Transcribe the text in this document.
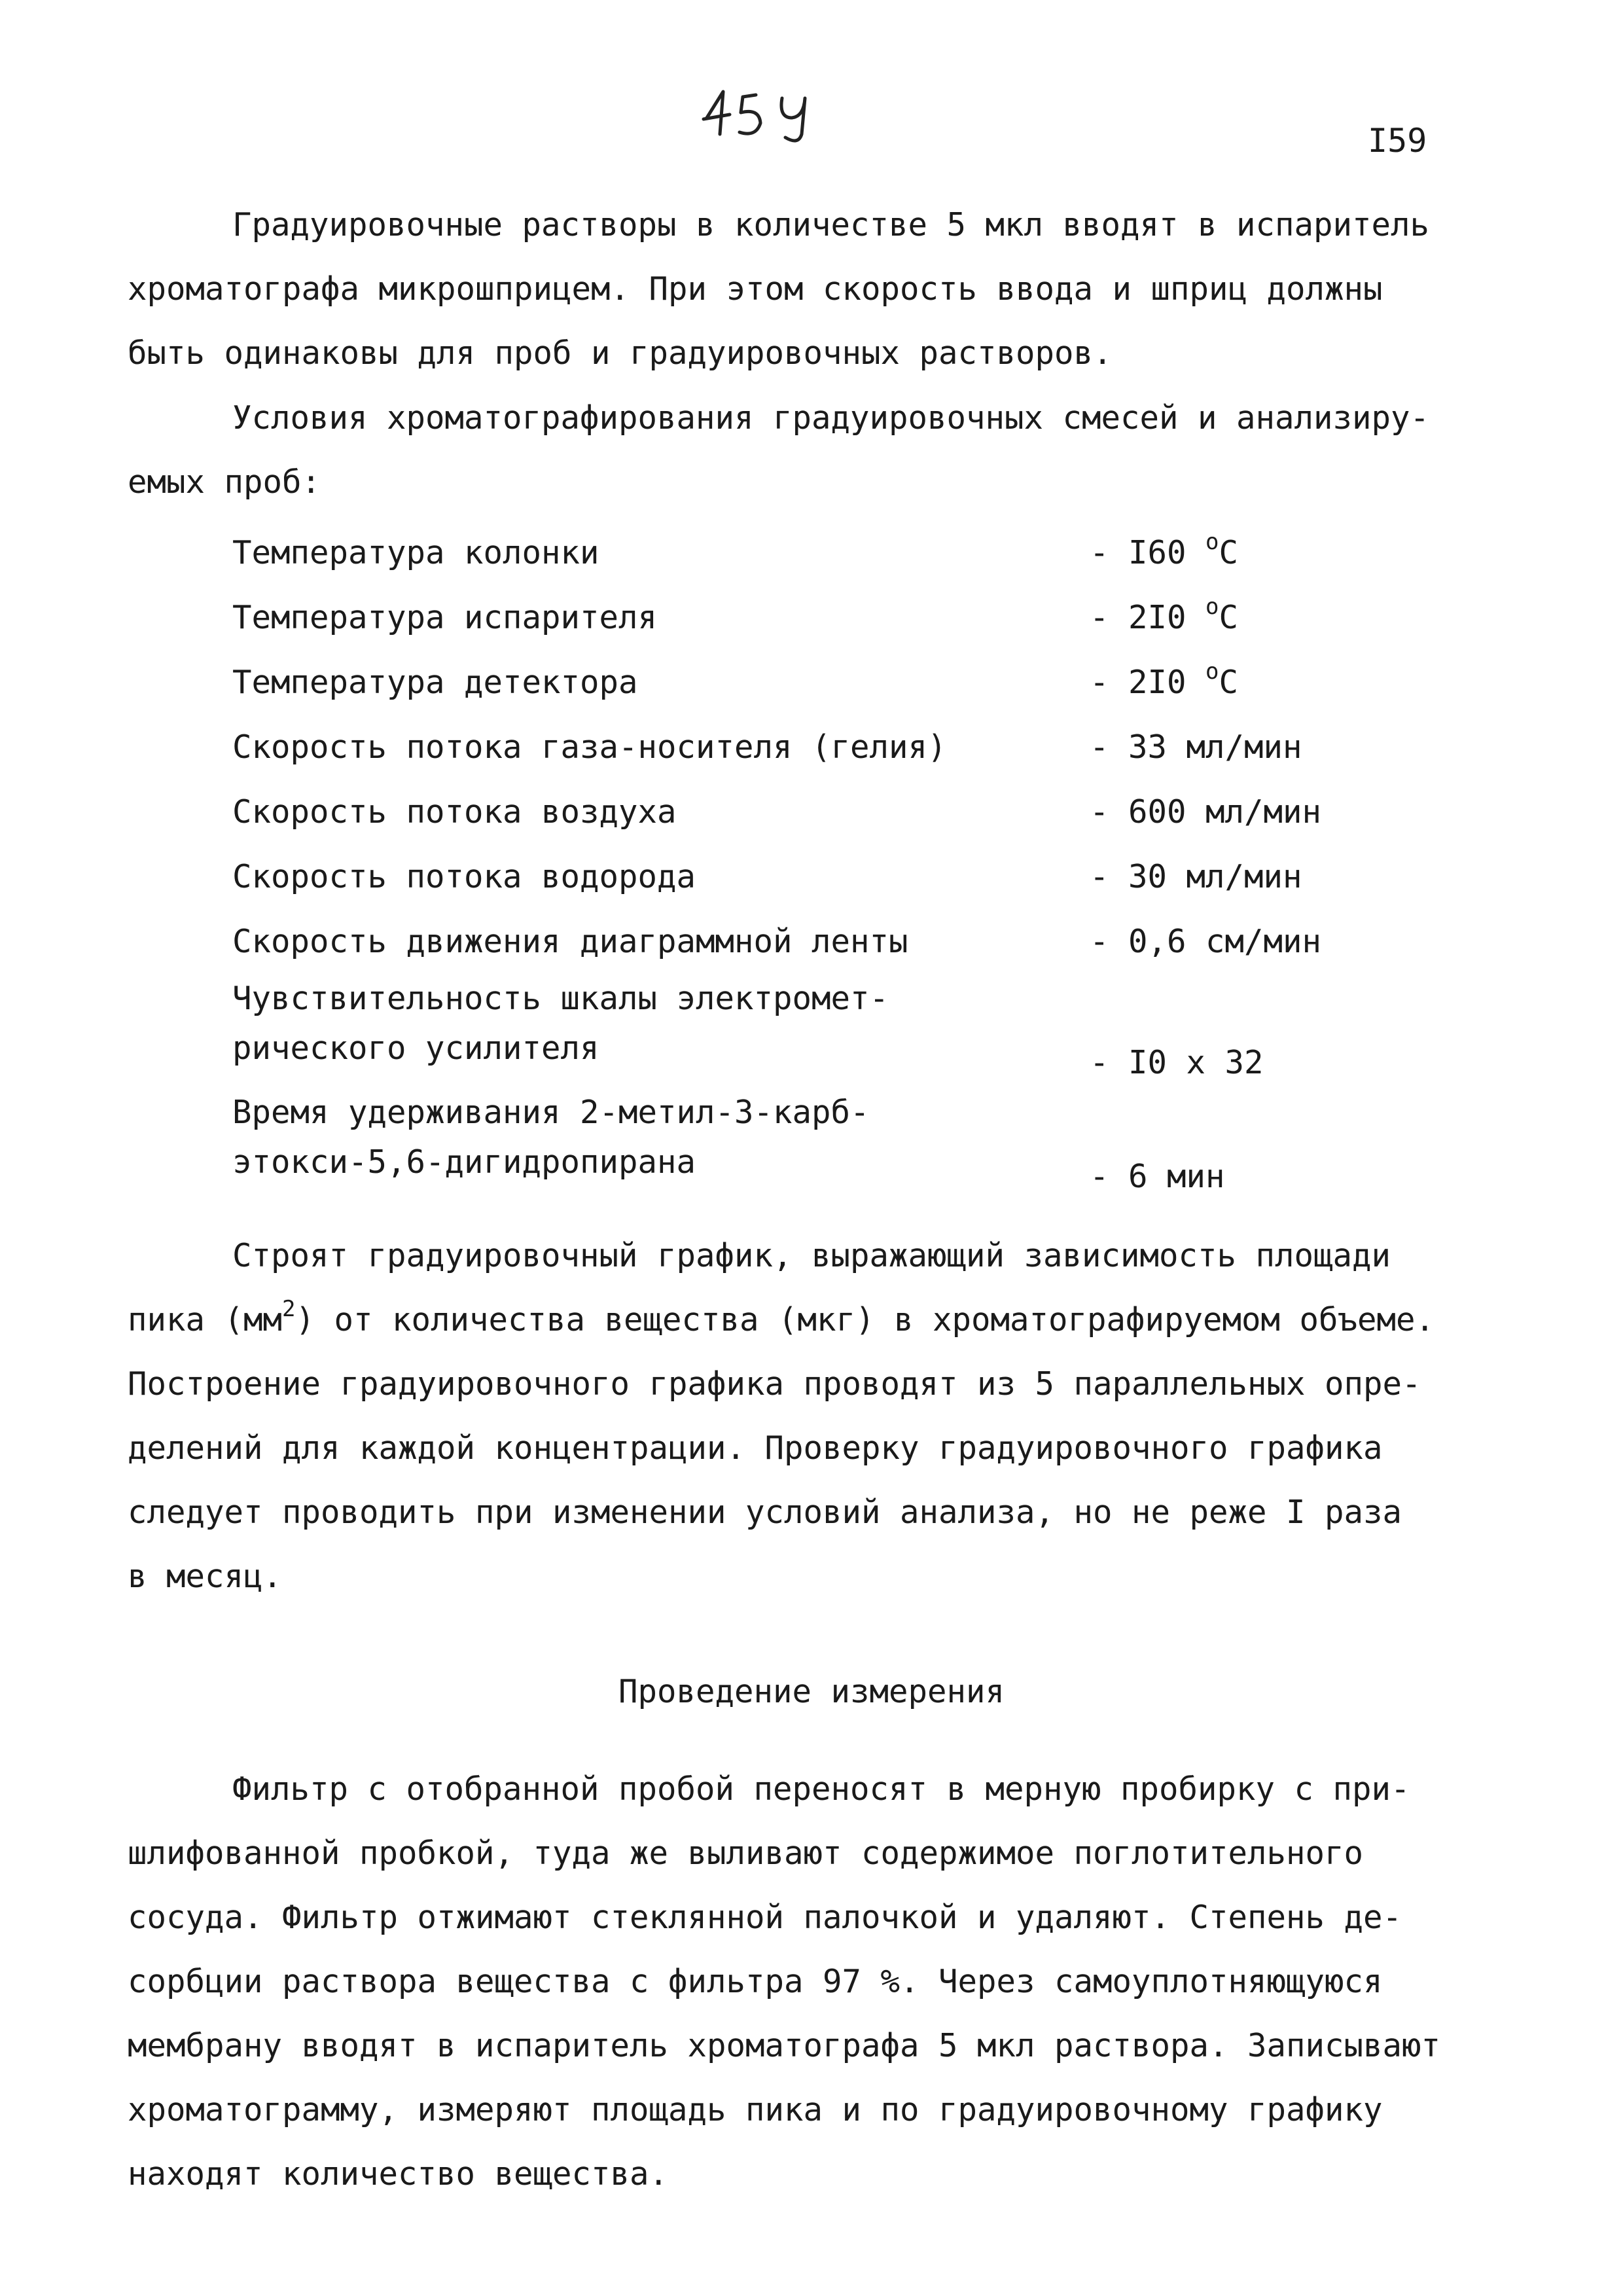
I59
Градуировочные растворы в количестве 5 мкл вводят в испаритель
хроматографа микрошприцем. При этом скорость ввода и шприц должны
быть одинаковы для проб и градуировочных растворов.
Условия хроматографирования градуировочных смесей и анализиру-
емых проб:
Температура колонки	- I60 $^о$С
Температура испарителя	- 2I0 $^о$С
Температура детектора	- 2I0 $^о$С
Скорость потока газа-носителя (гелия)	- 33 мл/мин
Скорость потока воздуха	- 600 мл/мин
Скорость потока водорода	- 30 мл/мин
Скорость движения диаграммной ленты	- 0,6 см/мин
Чувствительность шкалы электромет-
рического усилителя	- I0 х 32
Время удерживания 2-метил-3-карб-
этокси-5,6-дигидропирана	- 6 мин
Строят градуировочный график, выражающий зависимость площади
пика $(мм^2)$ от количества вещества (мкг) в хроматографируемом объеме.
Построение градуировочного графика проводят из 5 параллельных опре-
делений для каждой концентрации. Проверку градуировочного графика
следует проводить при изменении условий анализа, но не реже I раза
в месяц.
Проведение измерения
Фильтр с отобранной пробой переносят в мерную пробирку с при-
шлифованной пробкой, туда же выливают содержимое поглотительного
сосуда. Фильтр отжимают стеклянной палочкой и удаляют. Степень де-
сорбции раствора вещества с фильтра 97 %. Через самоуплотняющуюся
мембрану вводят в испаритель хроматографа 5 мкл раствора. Записывают
хроматограмму, измеряют площадь пика и по градуировочному графику
находят количество вещества.
